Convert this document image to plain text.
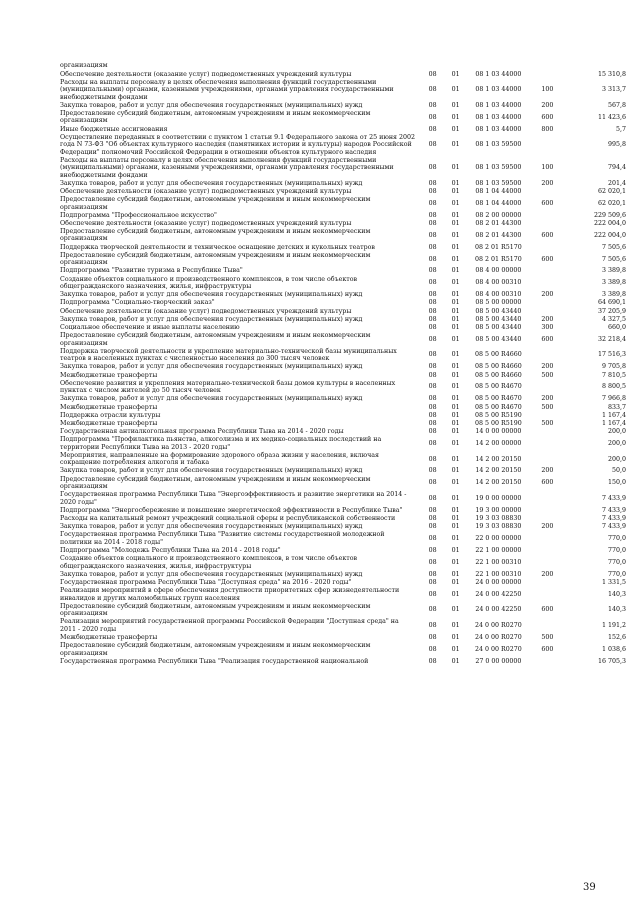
организациям					
Обеспечение деятельности (оказание услуг) подведомственных учреждений культуры	08	01	08 1 03 44000		15 310,8
Расходы на выплаты персоналу в целях обеспечения выполнения функций государственными (муниципальными) органами, казенными учреждениями, органами управления государственными внебюджетными фондами	08	01	08 1 03 44000	100	3 313,7
Закупка товаров, работ и услуг для обеспечения государственных (муниципальных) нужд	08	01	08 1 03 44000	200	567,8
Предоставление субсидий бюджетным, автономным учреждениям и иным некоммерческим организациям	08	01	08 1 03 44000	600	11 423,6
Иные бюджетные ассигнования	08	01	08 1 03 44000	800	5,7
Осуществление переданных в соответствии с пунктом 1 статьи 9.1 Федерального закона от 25 июня 2002 года N 73-ФЗ "Об объектах культурного наследия (памятниках истории и культуры) народов Российской Федерации" полномочий Российской Федерации в отношении объектов культурного наследия	08	01	08 1 03 59500		995,8
Расходы на выплаты персоналу в целях обеспечения выполнения функций государственными (муниципальными) органами, казенными учреждениями, органами управления государственными внебюджетными фондами	08	01	08 1 03 59500	100	794,4
Закупка товаров, работ и услуг для обеспечения государственных (муниципальных) нужд	08	01	08 1 03 59500	200	201,4
Обеспечение деятельности (оказание услуг) подведомственных учреждений культуры	08	01	08 1 04 44000		62 020,1
Предоставление субсидий бюджетным, автономным учреждениям и иным некоммерческим организациям	08	01	08 1 04 44000	600	62 020,1
Подпрограмма "Профессиональное искусство"	08	01	08 2 00 00000		229 509,6
Обеспечение деятельности (оказание услуг) подведомственных учреждений культуры	08	01	08 2 01 44300		222 004,0
Предоставление субсидий бюджетным, автономным учреждениям и иным некоммерческим организациям	08	01	08 2 01 44300	600	222 004,0
Поддержка творческой деятельности и техническое оснащение детских и кукольных театров	08	01	08 2 01 R5170		7 505,6
Предоставление субсидий бюджетным, автономным учреждениям и иным некоммерческим организациям	08	01	08 2 01 R5170	600	7 505,6
Подпрограмма "Развитие туризма в Республике Тыва"	08	01	08 4 00 00000		3 389,8
Создание объектов социального и производственного комплексов, в том числе объектов общегражданского назначения, жилья, инфраструктуры	08	01	08 4 00 00310		3 389,8
Закупка товаров, работ и услуг для обеспечения государственных (муниципальных) нужд	08	01	08 4 00 00310	200	3 389,8
Подпрограмма "Социально-творческий заказ"	08	01	08 5 00 00000		64 690,1
Обеспечение деятельности (оказание услуг) подведомственных учреждений культуры	08	01	08 5 00 43440		37 205,9
Закупка товаров, работ и услуг для обеспечения государственных (муниципальных) нужд	08	01	08 5 00 43440	200	4 327,5
Социальное обеспечение и иные выплаты населению	08	01	08 5 00 43440	300	660,0
Предоставление субсидий бюджетным, автономным учреждениям и иным некоммерческим организациям	08	01	08 5 00 43440	600	32 218,4
Поддержка творческой деятельности и укрепление материально-технической базы муниципальных театров в населенных пунктах с численностью населения до 300 тысяч человек	08	01	08 5 00 R4660		17 516,3
Закупка товаров, работ и услуг для обеспечения государственных (муниципальных) нужд	08	01	08 5 00 R4660	200	9 705,8
Межбюджетные трансферты	08	01	08 5 00 R4660	500	7 810,5
Обеспечение развития и укрепления материально-технической базы домов культуры в населенных пунктах с числом жителей до 50 тысяч человек	08	01	08 5 00 R4670		8 800,5
Закупка товаров, работ и услуг для обеспечения государственных (муниципальных) нужд	08	01	08 5 00 R4670	200	7 966,8
Межбюджетные трансферты	08	01	08 5 00 R4670	500	833,7
Поддержка отрасли культуры	08	01	08 5 00 R5190		1 167,4
Межбюджетные трансферты	08	01	08 5 00 R5190	500	1 167,4
Государственная антиалкогольная программа Республики Тыва на 2014 - 2020 годы	08	01	14 0 00 00000		200,0
Подпрограмма "Профилактика пьянства, алкоголизма и их медико-социальных последствий на территории Республики Тыва на 2013 - 2020 годы"	08	01	14 2 00 00000		200,0
Мероприятия, направленные на формирование здорового образа жизни у населения, включая сокращение потребления алкоголя и табака	08	01	14 2 00 20150		200,0
Закупка товаров, работ и услуг для обеспечения государственных (муниципальных) нужд	08	01	14 2 00 20150	200	50,0
Предоставление субсидий бюджетным, автономным учреждениям и иным некоммерческим организациям	08	01	14 2 00 20150	600	150,0
Государственная программа Республики Тыва "Энергоэффективность и развитие энергетики на 2014 - 2020 годы"	08	01	19 0 00 00000		7 433,9
Подпрограмма "Энергосбережение и повышение энергетической эффективности в Республике Тыва"	08	01	19 3 00 00000		7 433,9
Расходы на капитальный ремонт учреждений социальной сферы и республиканской собственности	08	01	19 3 03 08830		7 433,9
Закупка товаров, работ и услуг для обеспечения государственных (муниципальных) нужд	08	01	19 3 03 08830	200	7 433,9
Государственная программа Республики Тыва "Развитие системы государственной молодежной политики на 2014 - 2018 годы"	08	01	22 0 00 00000		770,0
Подпрограмма "Молодежь Республики Тыва на 2014 - 2018 годы"	08	01	22 1 00 00000		770,0
Создание объектов социального и производственного комплексов, в том числе объектов общегражданского назначения, жилья, инфраструктуры	08	01	22 1 00 00310		770,0
Закупка товаров, работ и услуг для обеспечения государственных (муниципальных) нужд	08	01	22 1 00 00310	200	770,0
Государственная программа Республики Тыва "Доступная среда" на 2016 - 2020 годы"	08	01	24 0 00 00000		1 331,5
Реализация мероприятий в сфере обеспечения доступности приоритетных сфер жизнедеятельности инвалидов и других маломобильных групп населения	08	01	24 0 00 42250		140,3
Предоставление субсидий бюджетным, автономным учреждениям и иным некоммерческим организациям	08	01	24 0 00 42250	600	140,3
Реализация мероприятий государственной программы Российской Федерации "Доступная среда" на 2011 - 2020 годы	08	01	24 0 00 R0270		1 191,2
Межбюджетные трансферты	08	01	24 0 00 R0270	500	152,6
Предоставление субсидий бюджетным, автономным учреждениям и иным некоммерческим организациям	08	01	24 0 00 R0270	600	1 038,6
Государственная программа Республики Тыва "Реализация государственной национальной	08	01	27 0 00 00000		16 705,3
39
